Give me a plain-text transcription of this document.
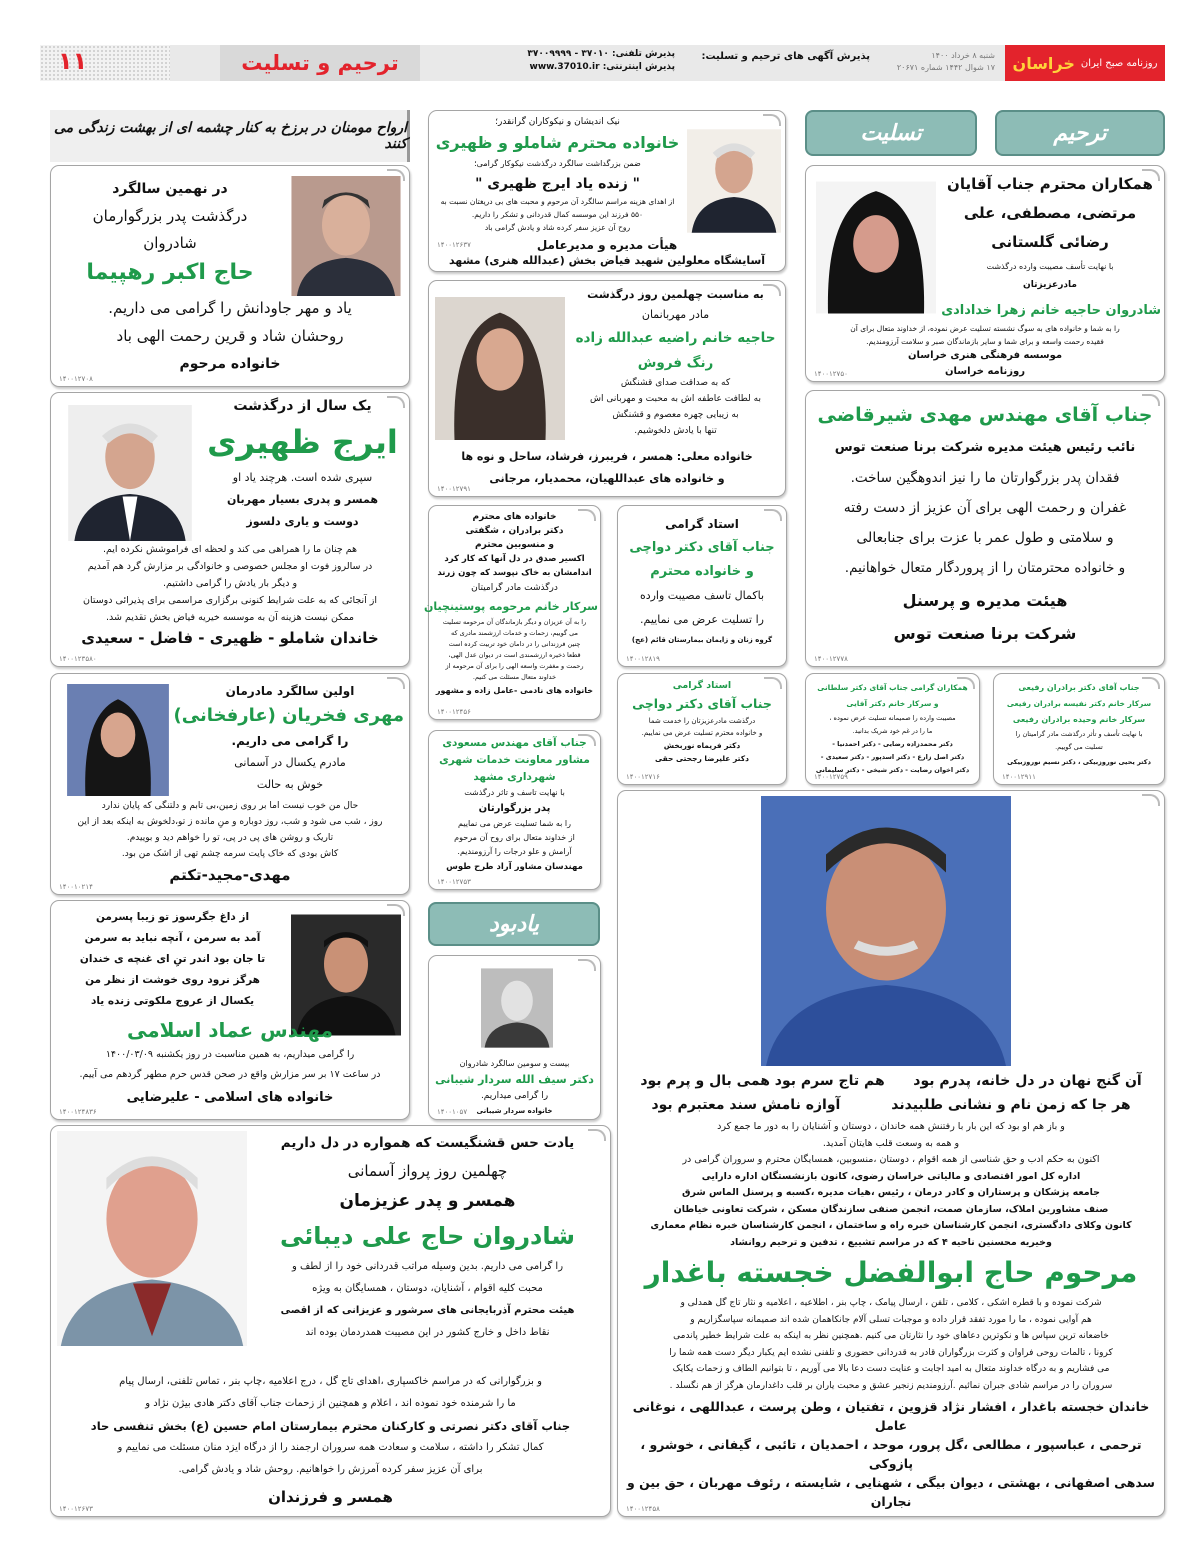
روزنامه صبح ایران
خراسان
شنبه ۸ خرداد ۱۴۰۰
۱۷ شوال ۱۴۴۲ شماره ۲۰۶۷۱
پذیرش آگهی های ترحیم و تسلیت:
پذیرش تلفنی: ۳۷۰۱۰ - ۳۷۰۰۹۹۹۹
پذیرش اینترنتی: www.37010.ir
ترحیم و تسلیت
۱۱
ارواح مومنان در برزخ به کنار چشمه ای از بهشت زندگی می کنند	ترحیم
تسلیت
یادبود
در نهمین سالگرد
درگذشت پدر بزرگوارمان
شادروان
حاج اکبر رهپیما
یاد و مهر جاودانش را گرامی می داریم.
روحشان شاد و قرین رحمت الهی باد
خانواده مرحوم
۱۴۰۰۱۲۷۰۸
یک سال از درگذشت
ایرج ظهیری
سپری شده است. هرچند یاد او
همسر و پدری بسیار مهربان
دوست و یاری دلسوز
هم چنان ما را همراهی می کند و لحظه ای فراموشش نکرده ایم.
در سالروز فوت او مجلس خصوصی و خانوادگی بر مزارش گرد هم آمدیم
و دیگر بار یادش را گرامی داشتیم.
از آنجائی که به علت شرایط کنونی برگزاری مراسمی برای پذیرائی دوستان
ممکن نیست هزینه آن به موسسه خیریه فیاض بخش تقدیم شد.
خاندان شاملو - ظهیری - فاضل - سعیدی
۱۴۰۰۱۲۳۵۸۰
اولین سالگرد مادرمان
مهری فخریان (عارفخانی)
را گرامی می داریم.
مادرم یکسال در آسمانی
خوش به حالت
حال من خوب نیست اما بر روی زمین،بی تابم و دلتنگی که پایان ندارد
روز ، شب می شود و شب، روز دوباره و منِ مانده ز تو،دلخوش به اینکه بعد از این
تاریک و روشن های پی در پی، تو را خواهم دید و بوییدم.
کاش بودی که خاک پایت سرمه چشم تهی از اشک من بود.
مهدی-مجید-تکتم
۱۴۰۰۱۰۲۱۴
از داغ جگرسوز تو زیبا پسرمن
آمد به سرمن ، آنچه نباید به سرمن
تا جان بود اندر تنِ ای غنچه ی خندان
هرگز نرود روی خوشت از نظر من
یکسال از عروج ملکوتی زنده یاد
مهندس عماد اسلامی
را گرامی میداریم، به همین مناسبت در روز یکشنبه ۱۴۰۰/۰۳/۰۹
در ساعت ۱۷ بر سر مزارش واقع در صحن قدس حرم مطهر گردهم می آییم.
خانواده های اسلامی - علیرضایی
۱۴۰۰۱۲۴۸۳۶
نیک اندیشان و نیکوکاران گرانقدر؛
خانواده محترم شاملو و ظهیری
ضمن بزرگداشت سالگرد درگذشت نیکوکار گرامی؛
" زنده یاد ایرج ظهیری "
از اهدای هزینه مراسم سالگرد آن مرحوم و محبت های بی دریغتان نسبت به
۵۵۰ فرزند این موسسه کمال قدردانی و تشکر را داریم.
روح آن عزیز سفر کرده شاد و یادش گرامی باد
هیأت مدیره و مدیرعامل
آسایشگاه معلولین شهید فیاض بخش (عبدالله هنری) مشهد
۱۴۰۰۱۲۶۳۷
به مناسبت چهلمین روز درگذشت
مادر مهربانمان
حاجیه خانم راضیه عبدالله زاده
رنگ فروش
که به صداقت صدای قشنگش
به لطافت عاطفه اش به محبت و مهربانی اش
به زیبایی چهره معصوم و قشنگش
تنها با یادش دلخوشیم.
خانواده معلی: همسر ، فریبرز، فرشاد، ساحل و نوه ها
و خانواده های عبداللهیان، محمدیار، مرجانی
۱۴۰۰۱۲۷۹۱
خانواده های محترم
دکتر برادران ، شگفتی
و منسوبین محترم
اکسیر صدق در دل آنها که کار کرد
اندامشان به خاک نپوسد که چون زرند
درگذشت مادر گرامیتان
سرکار خانم مرحومه پوستینچیان
را به آن عزیزان و دیگر بازماندگان آن مرحومه تسلیت
می گوییم، زحمات و خدمات ارزشمند مادری که
چنین فرزندانی را در دامان خود تربیت کرده است
قطعا ذخیره ارزشمندی است در دیوان عدل الهی،
رحمت و مغفرت واسعه الهی را برای آن مرحومه از
خداوند متعال مسئلت می کنیم.
خانواده های نادمی -عامل زاده و مشهور
۱۴۰۰۱۲۴۵۶
جناب آقای مهندس مسعودی
مشاور معاونت خدمات شهری
شهرداری مشهد
با نهایت تاسف و تاثر درگذشت
پدر بزرگوارتان
را به شما تسلیت عرض می نماییم
از خداوند متعال برای روح آن مرحوم
آرامش و علو درجات را آرزومندیم.
مهندسان مشاور آراد طرح طوس
۱۴۰۰۱۲۷۵۳
بیست و سومین سالگرد شادروان
دکتر سیف الله سردار شیبانی
را گرامی میداریم.
خانواده سردار شیبانی
۱۴۰۰۱۰۵۷
استاد گرامی
جناب آقای دکتر دواچی
و خانواده محترم
باکمال تاسف مصیبت وارده
را تسلیت عرض می نماییم.
گروه زنان و زایمان بیمارستان قائم (عج)
۱۴۰۰۱۲۸۱۹
استاد گرامی
جناب آقای دکتر دواچی
درگذشت مادرعزیزتان را خدمت شما
و خانواده محترم تسلیت عرض می نماییم.
دکتر فریماه نوربخش
دکتر علیرضا رجحتی حقی
۱۴۰۰۱۲۷۱۶
همکاران محترم جناب آقایان
مرتضی، مصطفی، علی
رضائی گلستانی
با نهایت تأسف مصیبت وارده درگذشت
مادرعزیزتان
شادروان حاجیه خانم زهرا خدادادی
را به شما و خانواده های به سوگ نشسته تسلیت عرض نموده، از خداوند متعال برای آن
فقیده رحمت واسعه و برای شما و سایر بازماندگان صبر و سلامت آرزومندیم.
موسسه فرهنگی هنری خراسان
روزنامه خراسان
۱۴۰۰۱۲۷۵۰
جناب آقای مهندس مهدی شیرقاضی
نائب رئیس هیئت مدیره شرکت برنا صنعت توس
فقدان پدر بزرگوارتان ما را نیز اندوهگین ساخت.
غفران و رحمت الهی برای آن عزیز از دست رفته
و سلامتی و طول عمر با عزت برای جنابعالی
و خانواده محترمتان را از پروردگار متعال خواهانیم.
هیئت مدیره و پرسنل
شرکت برنا صنعت توس
۱۴۰۰۱۲۷۷۸
همکاران گرامی جناب آقای دکتر سلطانی
و سرکار خانم دکتر آفایی
مصیبت وارده را صمیمانه تسلیت عرض نموده ،
ما را در غم خود شریک بدانید.
دکتر محمدزاده رضایی - دکتر احمدنیا -
دکتر اصل زارع - دکتر اسدپور - دکتر سعیدی -
دکتر اخوان رضایت - دکتر شیخی - دکتر سلیمانی
۱۴۰۰۱۲۷۵۹
جناب آقای دکتر برادران رفیعی
سرکار خانم دکتر نفیسه برادران رفیعی
سرکار خانم وحیده برادران رفیعی
با نهایت تأسف و تأثر درگذشت مادر گرامیتان را
تسلیت می گوییم.
دکتر یحیی نوروزبیکی ، دکتر نسیم نوروزبیکی
۱۴۰۰۱۲۹۱۱
آن گنج نهان در دل خانه، پدرم بود
هم تاج سرم بود همی بال و پرم بود
هر جا که زمن نام و نشانی طلبیدند
آوازه نامش سند معتبرم بود
و باز هم او بود که این بار با رفتنش همه خاندان ، دوستان و آشنایان را به دور ما جمع کرد
و همه به وسعت قلب هایتان آمدید.
اکنون به حکم ادب و حق شناسی از همه اقوام ، دوستان ،منسوبین، همسایگان محترم و سروران گرامی در
اداره کل امور اقتصادی و مالیاتی خراسان رضوی، کانون بازنشستگان اداره دارایی
جامعه پزشکان و پرستاران و کادر درمان ، رئیس ،هیات مدیره ،کسبه و پرسنل الماس شرق
صنف مشاورین املاک، سازمان صمت، انجمن صنفی سازندگان مسکن ، شرکت تعاونی خیاطان
کانون وکلای دادگستری، انجمن کارشناسان خبره راه و ساختمان ، انجمن کارشناسان خبره نظام معماری
وخیریه محسنین ناحیه ۴ که در مراسم تشییع ، تدفین و ترحیم روانشاد
مرحوم حاج ابوالفضل خجسته باغدار
شرکت نموده و با قطره اشکی ، کلامی ، تلفن ، ارسال پیامک ، چاپ بنر ، اطلاعیه ، اعلامیه و نثار تاج گل همدلی و
هم آوایی نموده ، ما را مورد تفقد قرار داده و موجبات تسلی آلام جانکاهمان شده اند صمیمانه سپاسگزاریم و
خاضعانه ترین سپاس ها و نکوترین دعاهای خود را نثارتان می کنیم .همچنین نظر به اینکه به علت شرایط خطیر پاندمی
کرونا ، تالمات روحی فراوان و کثرت بزرگواران قادر به قدردانی حضوری و تلفنی نشده ایم یکبار دیگر دست همه شما را
می فشاریم و به درگاه خداوند متعال به امید اجابت و عنایت دست دعا بالا می آوریم ، تا بتوانیم الطاف و زحمات یکایک
سروران را در مراسم شادی جبران نمائیم .آرزومندیم زنجیر عشق و محبت یاران بر قلب داغدارمان هرگز از هم نگسلد .
خاندان خجسته باغدار ، افشار نژاد قزوین ، تفتیان ، وطن پرست ، عبداللهی ، نوغانی عامل
ترحمی ، عباسپور ، مطالعی ،گل پرور، موحد ، احمدیان ، تائبی ، گیفانی ، خوشرو ، پازوکی
سدهی اصفهانی ، بهشتی ، دیوان بیگی ، شهنایی ، شایسته ، رئوف مهربان ، حق بین و نجاران
۱۴۰۰۱۲۴۵۸
یادت حس قشنگیست که همواره در دل داریم
چهلمین روز پرواز آسمانی
همسر و پدر عزیزمان
شادروان حاج علی دیبائی
را گرامی می داریم. بدین وسیله مراتب قدردانی خود را از لطف و
محبت کلیه اقوام ، آشنایان، دوستان ، همسایگان به ویژه
هیئت محترم آذربایجانی های سرشور و عزیزانی که از اقصی
نقاط داخل و خارج کشور در این مصیبت همدردمان بوده اند
و بزرگوارانی که در مراسم خاکسپاری ،اهدای تاج گل ، درج اعلامیه ،چاپ بنر ، تماس تلفنی، ارسال پیام
ما را شرمنده خود نموده اند ، اعلام و همچنین از زحمات جناب آقای دکتر هادی بیژن نژاد و
جناب آقای دکتر نصرتی و کارکنان محترم بیمارستان امام حسین (ع) بخش تنفسی حاد
کمال تشکر را داشته ، سلامت و سعادت همه سروران ارجمند را از درگاه ایزد منان مسئلت می نماییم و
برای آن عزیز سفر کرده آمرزش را خواهانیم. روحش شاد و یادش گرامی.
همسر و فرزندان
۱۴۰۰۱۲۶۷۳
